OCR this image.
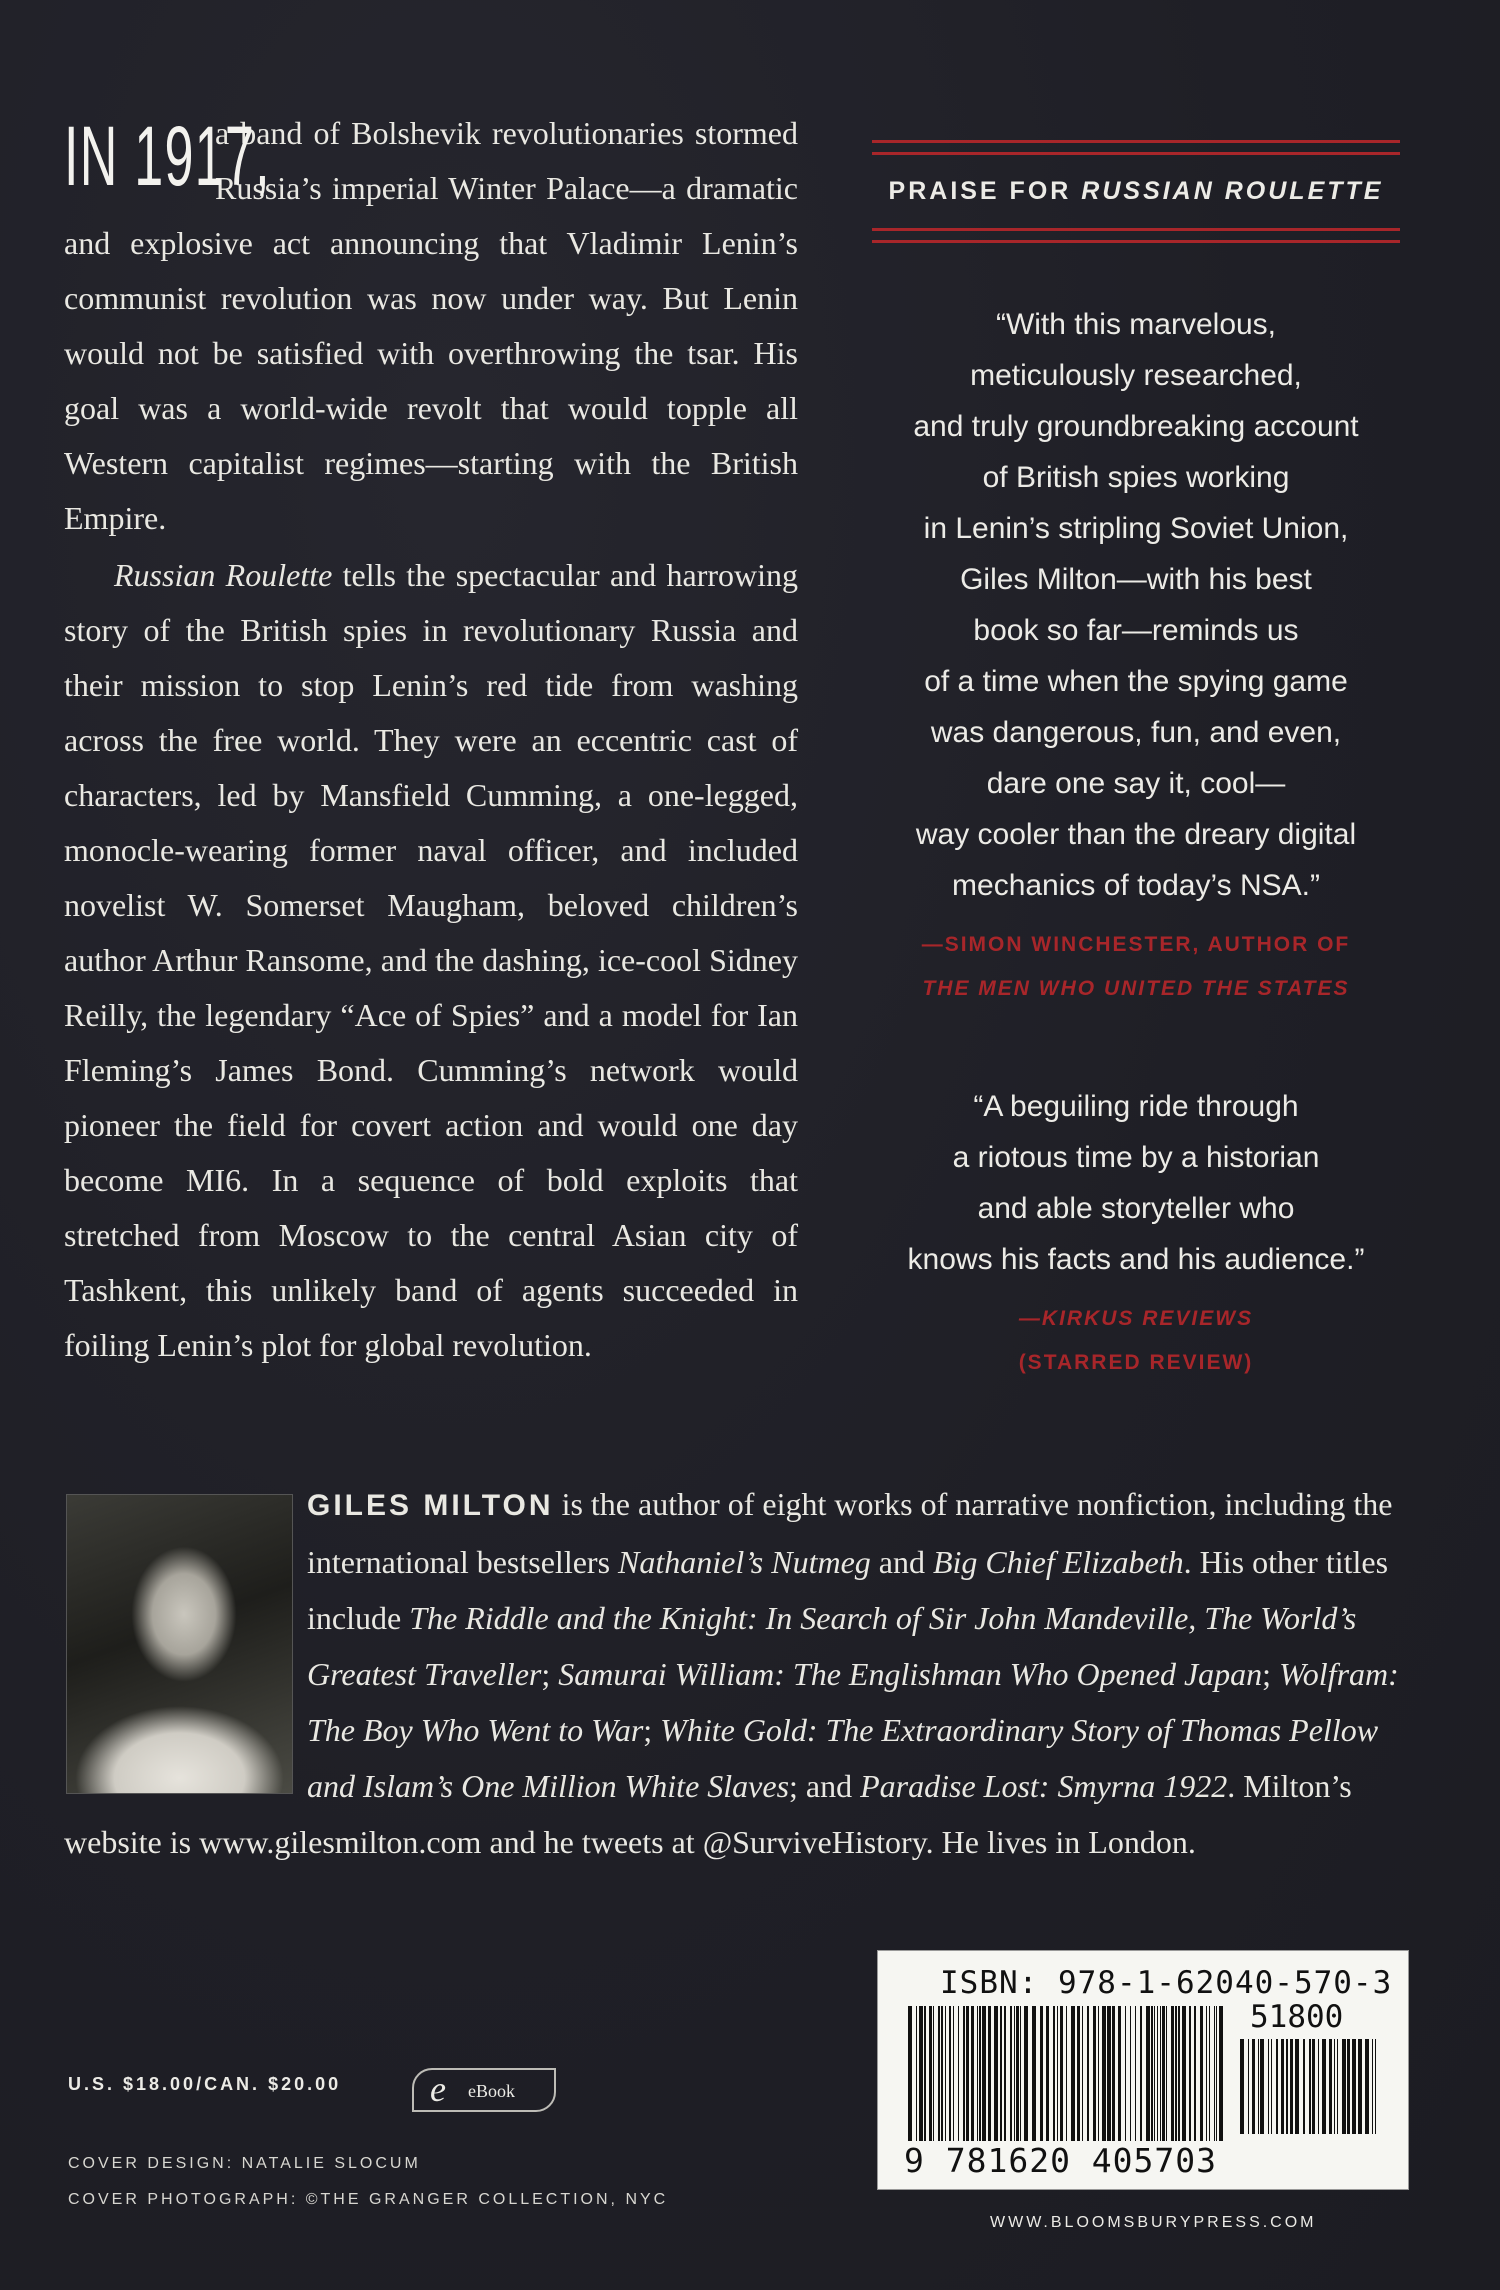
IN 1917,
a band of Bolshevik revolutionaries stormed Russia’s imperial Winter Palace—a dramatic and explosive act announcing that Vladimir Lenin’s communist revolution was now under way. But Lenin would not be satisfied with overthrowing the tsar. His goal was a world-wide revolt that would topple all Western capitalist regimes—starting with the British Empire.

Russian Roulette tells the spectacular and harrowing story of the British spies in revolutionary Russia and their mission to stop Lenin’s red tide from washing across the free world. They were an eccentric cast of characters, led by Mansfield Cumming, a one-legged, monocle-wearing former naval officer, and included novelist W. Somerset Maugham, beloved children’s author Arthur Ransome, and the dashing, ice-cool Sidney Reilly, the legendary “Ace of Spies” and a model for Ian Fleming’s James Bond. Cumming’s network would pioneer the field for covert action and would one day become MI6. In a sequence of bold exploits that stretched from Moscow to the central Asian city of Tashkent, this unlikely band of agents succeeded in foiling Lenin’s plot for global revolution.

PRAISE FOR RUSSIAN ROULETTE
“With this marvelous,
meticulously researched,
and truly groundbreaking account
of British spies working
in Lenin’s stripling Soviet Union,
Giles Milton—with his best
book so far—reminds us
of a time when the spying game
was dangerous, fun, and even,
dare one say it, cool—
way cooler than the dreary digital
mechanics of today’s NSA.”
—SIMON WINCHESTER, AUTHOR OF
THE MEN WHO UNITED THE STATES
“A beguiling ride through
a riotous time by a historian
and able storyteller who
knows his facts and his audience.”
—KIRKUS REVIEWS
(STARRED REVIEW)
GILES MILTON is the author of eight works of narrative nonfiction, including the international bestsellers Nathaniel’s Nutmeg and Big Chief Elizabeth. His other titles include The Riddle and the Knight: In Search of Sir John Mandeville, The World’s Greatest Traveller; Samurai William: The Englishman Who Opened Japan; Wolfram: The Boy Who Went to War; White Gold: The Extraordinary Story of Thomas Pellow and Islam’s One Million White Slaves; and Paradise Lost: Smyrna 1922. Milton’s website is www.gilesmilton.com and he tweets at @SurviveHistory. He lives in London.
U.S. $18.00/CAN. $20.00 e eBook
COVER DESIGN: NATALIE SLOCUM
COVER PHOTOGRAPH: ©THE GRANGER COLLECTION, NYC
ISBN: 978-1-62040-570-3
51800
9 781620 405703
WWW.BLOOMSBURYPRESS.COM
